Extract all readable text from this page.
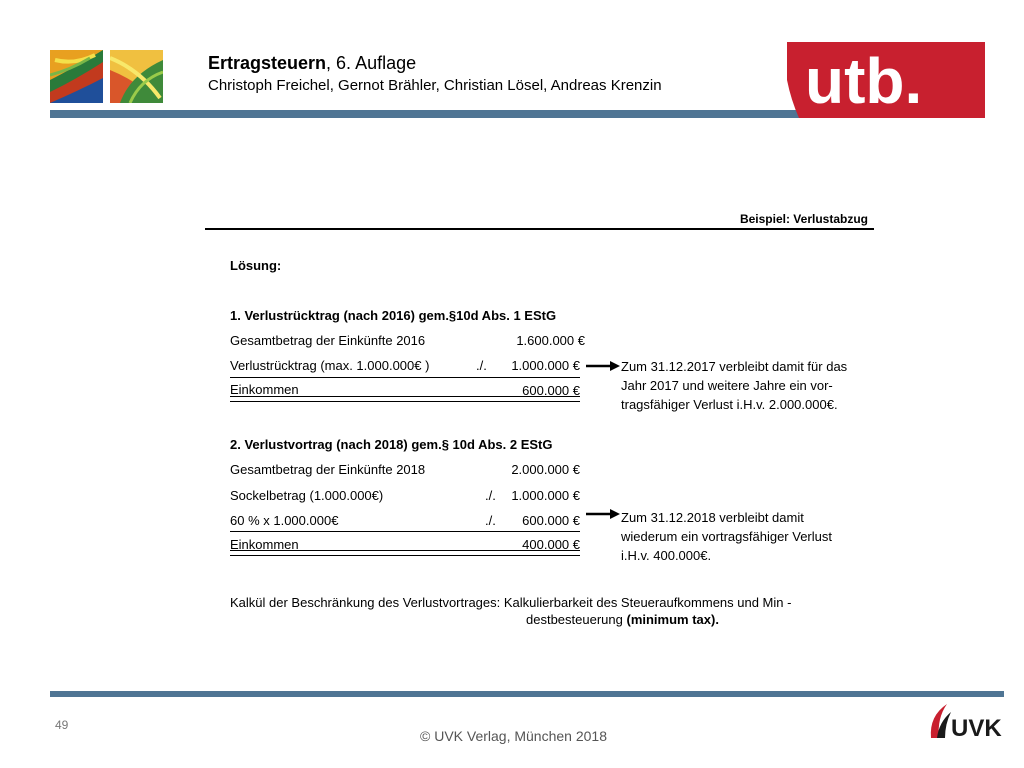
Ertragsteuern, 6. Auflage
Christoph Freichel, Gernot Brähler, Christian Lösel, Andreas Krenzin utb.
Beispiel: Verlustabzug
Lösung:
1. Verlustrücktrag (nach 2016) gem.§10d Abs. 1 EStG
Gesamtbetrag der Einkünfte 2016	1.600.000 €
Verlustrücktrag (max. 1.000.000€ )	./.	1.000.000 €
Einkommen	600.000 €
Zum 31.12.2017 verbleibt damit für das
Jahr 2017 und weitere Jahre ein vor-
tragsfähiger Verlust i.H.v. 2.000.000€.
2. Verlustvortrag (nach 2018) gem.§ 10d Abs. 2 EStG
Gesamtbetrag der Einkünfte 2018	2.000.000 €
Sockelbetrag (1.000.000€)	./.	1.000.000 €
60 % x 1.000.000€	./.	600.000 €
Einkommen	400.000 €
Zum 31.12.2018 verbleibt damit
wiederum ein vortragsfähiger Verlust
i.H.v. 400.000€.
Kalkül der Beschränkung des Verlustvortrages: Kalkulierbarkeit des Steueraufkommens und Min -
destbesteuerung (minimum tax).
49
© UVK Verlag, München 2018	UVK
